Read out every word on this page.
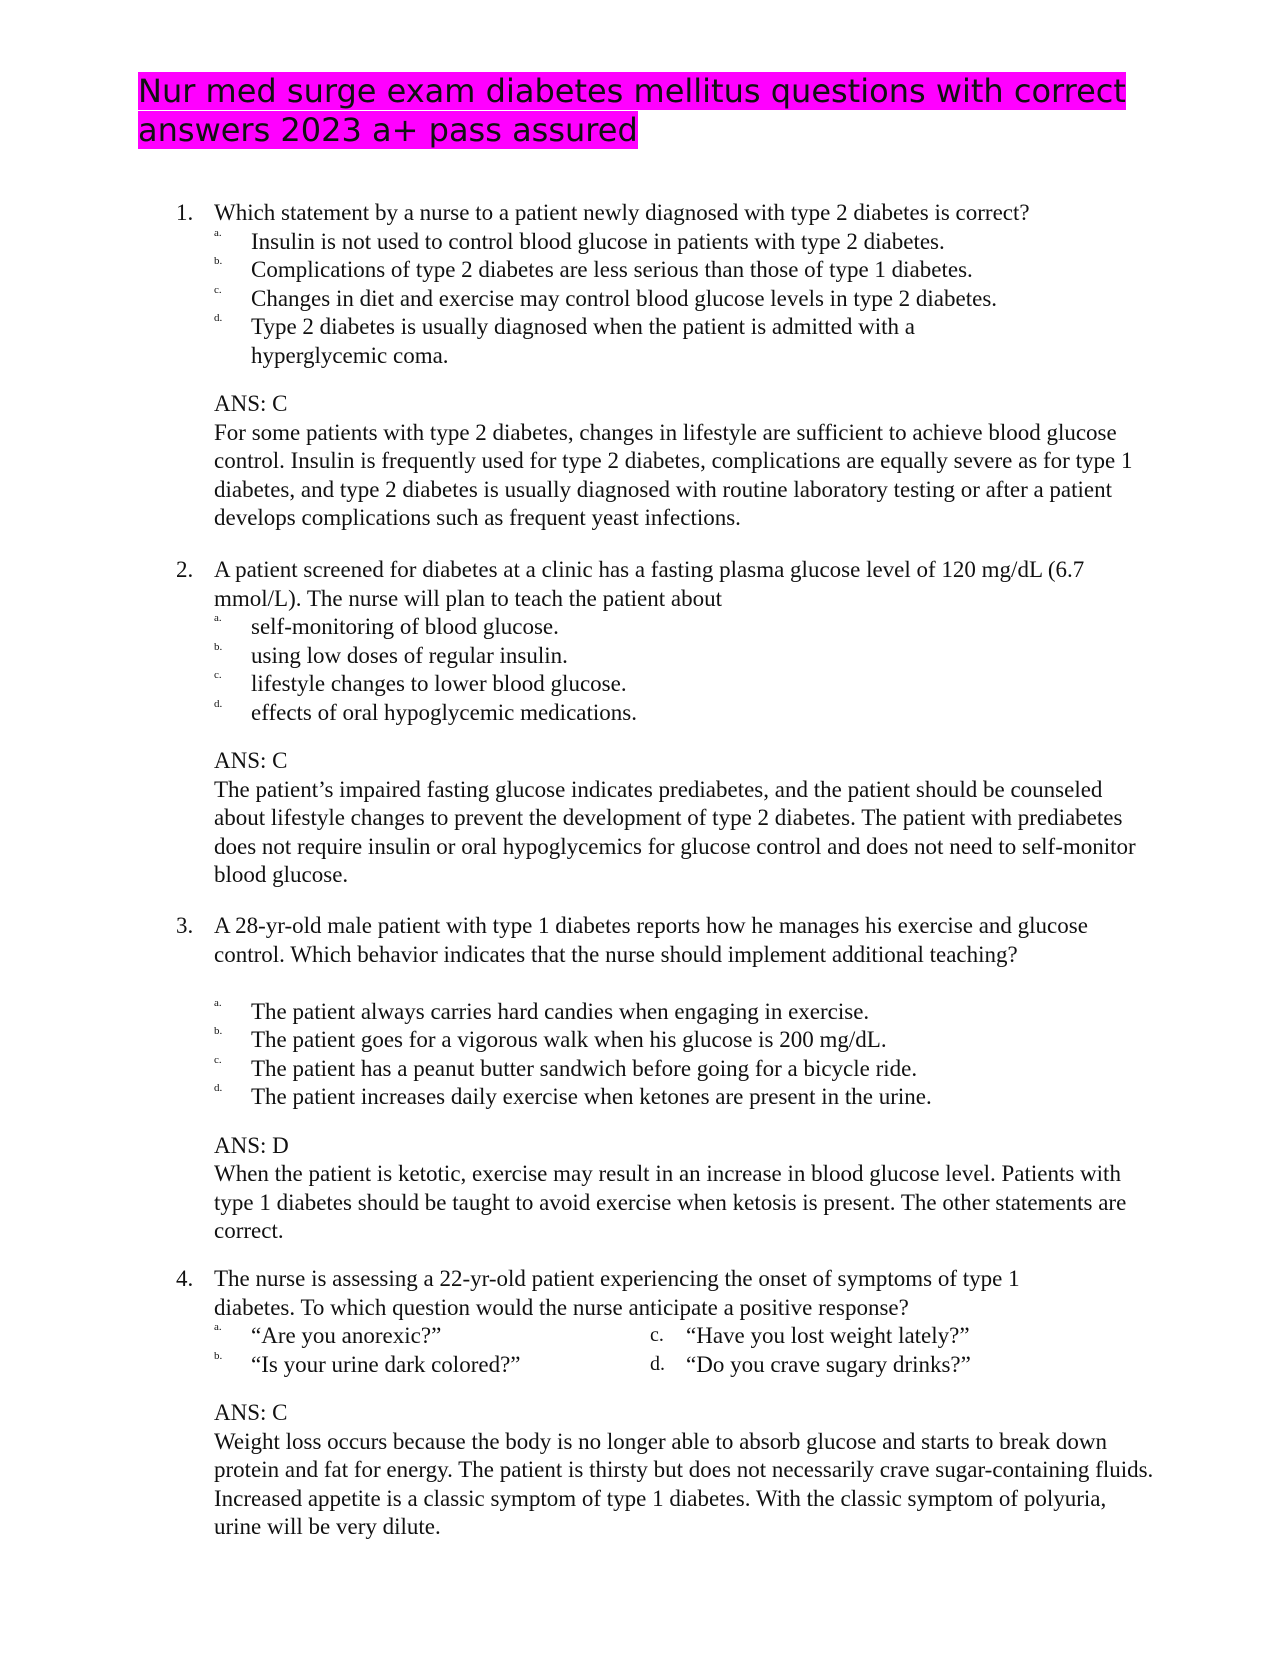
Nur med surge exam diabetes mellitus questions with correct answers 2023 a+ pass assured
1. Which statement by a nurse to a patient newly diagnosed with type 2 diabetes is correct?

a. Insulin is not used to control blood glucose in patients with type 2 diabetes.
b. Complications of type 2 diabetes are less serious than those of type 1 diabetes.
c. Changes in diet and exercise may control blood glucose levels in type 2 diabetes.
d. Type 2 diabetes is usually diagnosed when the patient is admitted with a hyperglycemic coma.
ANS: C

For some patients with type 2 diabetes, changes in lifestyle are sufficient to achieve blood glucose control. Insulin is frequently used for type 2 diabetes, complications are equally severe as for type 1 diabetes, and type 2 diabetes is usually diagnosed with routine laboratory testing or after a patient develops complications such as frequent yeast infections.

2. A patient screened for diabetes at a clinic has a fasting plasma glucose level of 120 mg/dL (6.7 mmol/L). The nurse will plan to teach the patient about

a. self-monitoring of blood glucose.
b. using low doses of regular insulin.
c. lifestyle changes to lower blood glucose.
d. effects of oral hypoglycemic medications.
ANS: C

The patient’s impaired fasting glucose indicates prediabetes, and the patient should be counseled about lifestyle changes to prevent the development of type 2 diabetes. The patient with prediabetes does not require insulin or oral hypoglycemics for glucose control and does not need to self-monitor blood glucose.

3. A 28-yr-old male patient with type 1 diabetes reports how he manages his exercise and glucose control. Which behavior indicates that the nurse should implement additional teaching?

a. The patient always carries hard candies when engaging in exercise.
b. The patient goes for a vigorous walk when his glucose is 200 mg/dL.
c. The patient has a peanut butter sandwich before going for a bicycle ride.
d. The patient increases daily exercise when ketones are present in the urine.
ANS: D

When the patient is ketotic, exercise may result in an increase in blood glucose level. Patients with type 1 diabetes should be taught to avoid exercise when ketosis is present. The other statements are correct.

4. The nurse is assessing a 22-yr-old patient experiencing the onset of symptoms of type 1 diabetes. To which question would the nurse anticipate a positive response?

a. “Are you anorexic?”
b. “Is your urine dark colored?”
c. “Have you lost weight lately?”
d. “Do you crave sugary drinks?”
ANS: C

Weight loss occurs because the body is no longer able to absorb glucose and starts to break down protein and fat for energy. The patient is thirsty but does not necessarily crave sugar-containing fluids. Increased appetite is a classic symptom of type 1 diabetes. With the classic symptom of polyuria, urine will be very dilute.
